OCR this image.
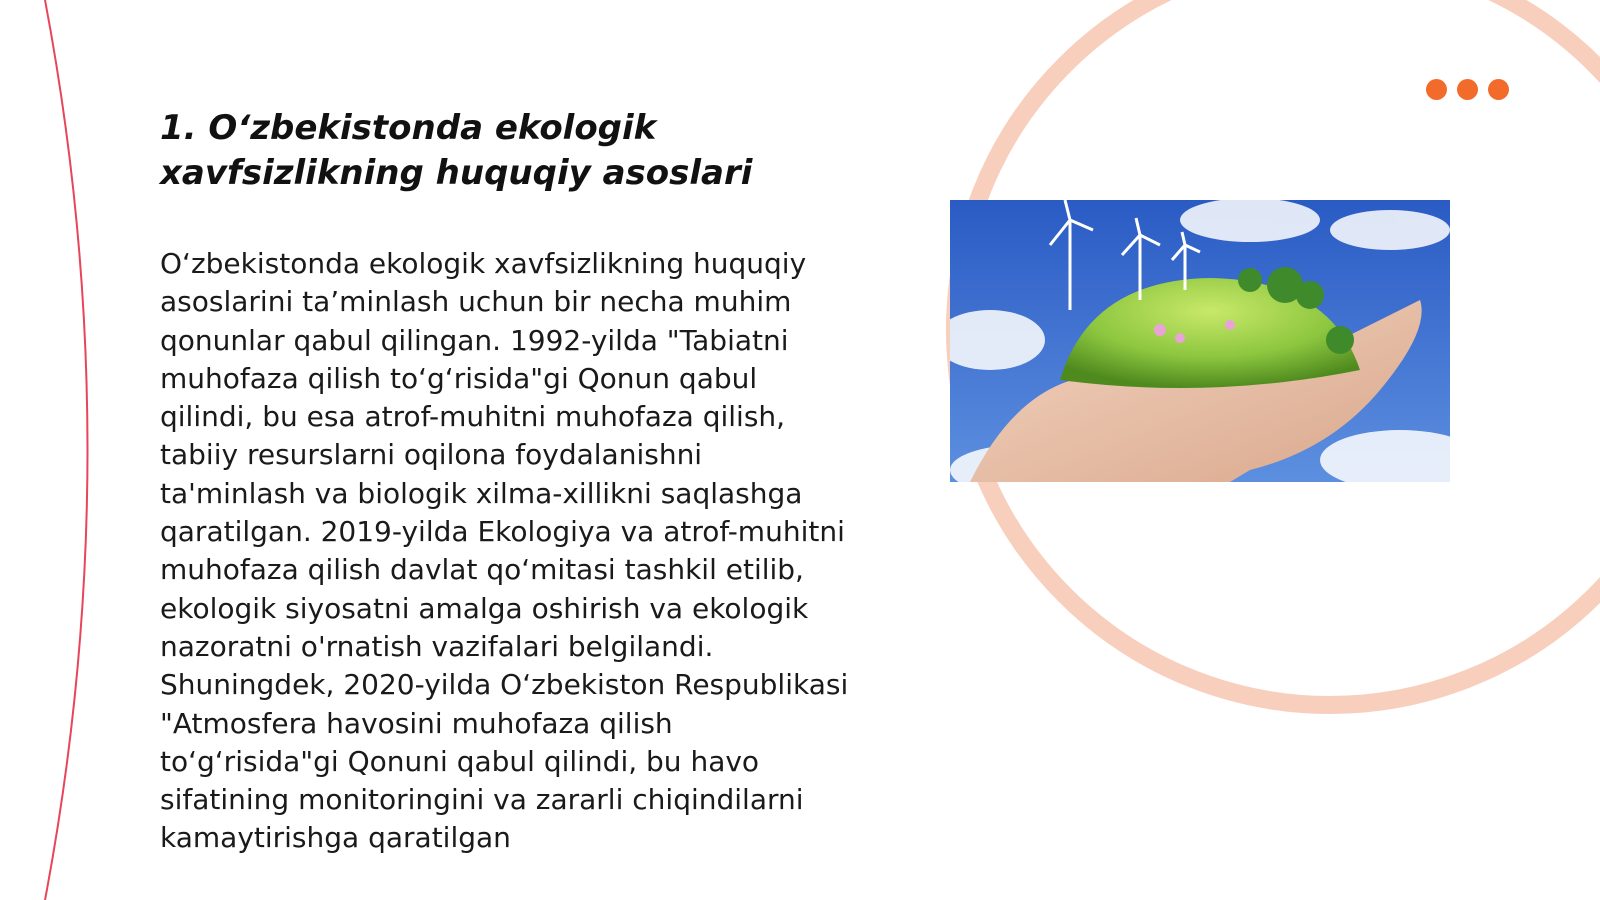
1. O‘zbekistonda ekologik xavfsizlikning huquqiy asoslari

O‘zbekistonda ekologik xavfsizlikning huquqiy asoslarini ta’minlash uchun bir necha muhim qonunlar qabul qilingan. 1992-yilda "Tabiatni muhofaza qilish to‘g‘risida"gi Qonun qabul qilindi, bu esa atrof-muhitni muhofaza qilish, tabiiy resurslarni oqilona foydalanishni ta'minlash va biologik xilma-xillikni saqlashga qaratilgan. 2019-yilda Ekologiya va atrof-muhitni muhofaza qilish davlat qo‘mitasi tashkil etilib, ekologik siyosatni amalga oshirish va ekologik nazoratni o'rnatish vazifalari belgilandi. Shuningdek, 2020-yilda O‘zbekiston Respublikasi "Atmosfera havosini muhofaza qilish to‘g‘risida"gi Qonuni qabul qilindi, bu havo sifatining monitoringini va zararli chiqindilarni kamaytirishga qaratilgan
